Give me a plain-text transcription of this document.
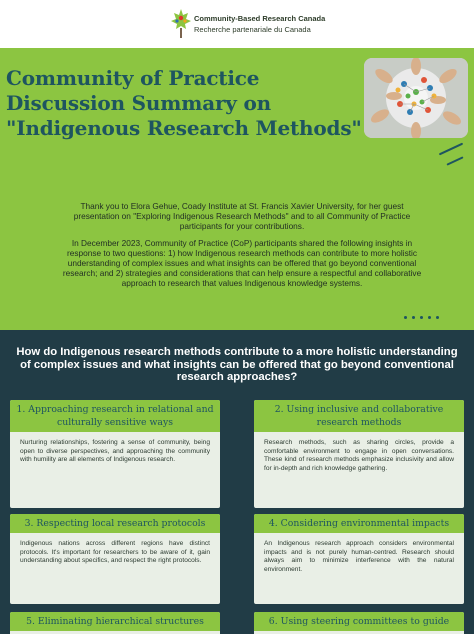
Community-Based Research Canada
Recherche partenariale du Canada
Community of Practice
Discussion Summary on
"Indigenous Research Methods"

Thank you to Elora Gehue, Coady Institute at St. Francis Xavier University, for her guest presentation on "Exploring Indigenous Research Methods" and to all Community of Practice participants for your contributions.

In December 2023, Community of Practice (CoP) participants shared the following insights in response to two questions: 1) how Indigenous research methods can contribute to more holistic understanding of complex issues and what insights can be offered that go beyond conventional research; and 2) strategies and considerations that can help ensure a respectful and collaborative approach to research that values Indigenous knowledge systems.

How do Indigenous research methods contribute to a more holistic understanding of complex issues and what insights can be offered that go beyond conventional research approaches?
1. Approaching research in relational and culturally sensitive ways
Nurturing relationships, fostering a sense of community, being open to diverse perspectives, and approaching the community with humility are all elements of Indigenous research.
2. Using inclusive and collaborative research methods
Research methods, such as sharing circles, provide a comfortable environment to engage in open conversations. These kind of research methods emphasize inclusivity and allow for in-depth and rich knowledge gathering.
3. Respecting local research protocols
Indigenous nations across different regions have distinct protocols. It's important for researchers to be aware of it, gain understanding about specifics, and respect the right protocols.
4. Considering environmental impacts
An Indigenous research approach considers environmental impacts and is not purely human-centred. Research should always aim to minimize interference with the natural environment.
5. Eliminating hierarchical structures	6. Using steering committees to guide
